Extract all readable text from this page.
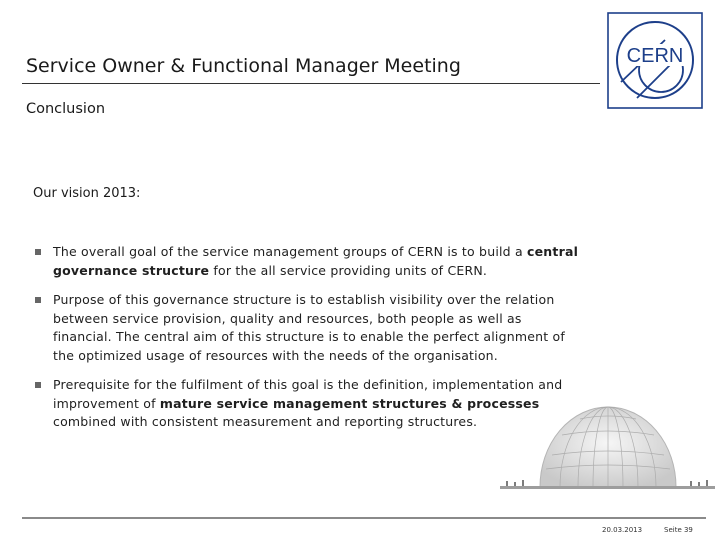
Service Owner & Functional Manager Meeting
Conclusion
CERN
Our vision 2013:
The overall goal of the service management groups of CERN is to build a central governance structure for the all service providing units of CERN.
Purpose of this governance structure is to establish visibility over the relation between service provision, quality and resources, both people as well as financial. The central aim of this structure is to enable the perfect alignment of the optimized usage of resources with the needs of the organisation.
Prerequisite for the fulfilment of this goal is the definition, implementation and improvement of mature service management structures & processes combined with consistent measurement and reporting structures.
20.03.2013	Seite 39
